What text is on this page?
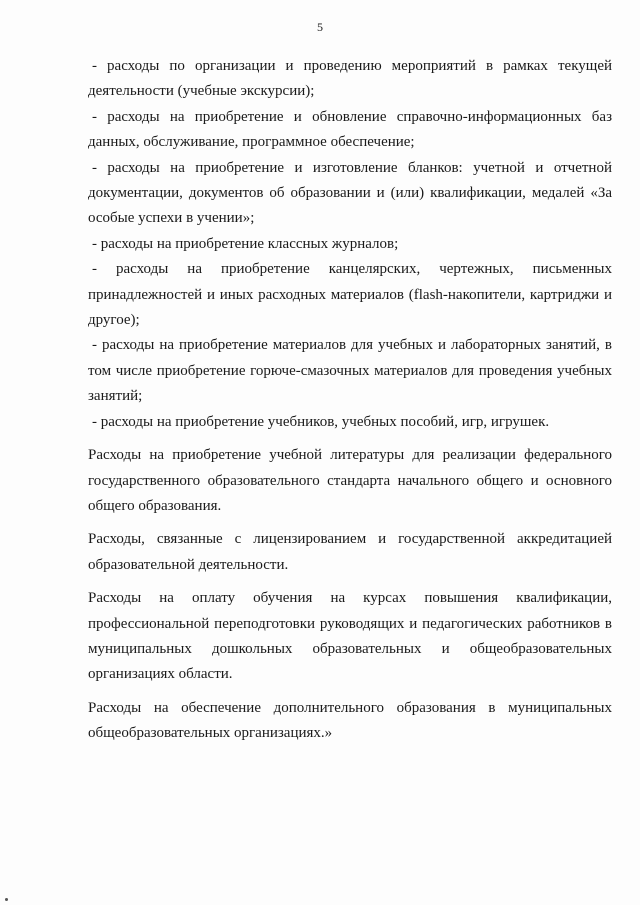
5

- расходы по организации и проведению мероприятий в рамках текущей деятельности (учебные экскурсии);

- расходы на приобретение и обновление справочно-информационных баз данных, обслуживание, программное обеспечение;

- расходы на приобретение и изготовление бланков: учетной и отчетной документации, документов об образовании и (или) квалификации, медалей «За особые успехи в учении»;

- расходы на приобретение классных журналов;

- расходы на приобретение канцелярских, чертежных, письменных принадлежностей и иных расходных материалов (flash-накопители, картриджи и другое);

- расходы на приобретение материалов для учебных и лабораторных занятий, в том числе приобретение горюче-смазочных материалов для проведения учебных занятий;

- расходы на приобретение учебников, учебных пособий, игр, игрушек.

Расходы на приобретение учебной литературы для реализации федерального государственного образовательного стандарта начального общего и основного общего образования.

Расходы, связанные с лицензированием и государственной аккредитацией образовательной деятельности.

Расходы на оплату обучения на курсах повышения квалификации, профессиональной переподготовки руководящих и педагогических работников в муниципальных дошкольных образовательных и общеобразовательных организациях области.

Расходы на обеспечение дополнительного образования в муниципальных общеобразовательных организациях.»
